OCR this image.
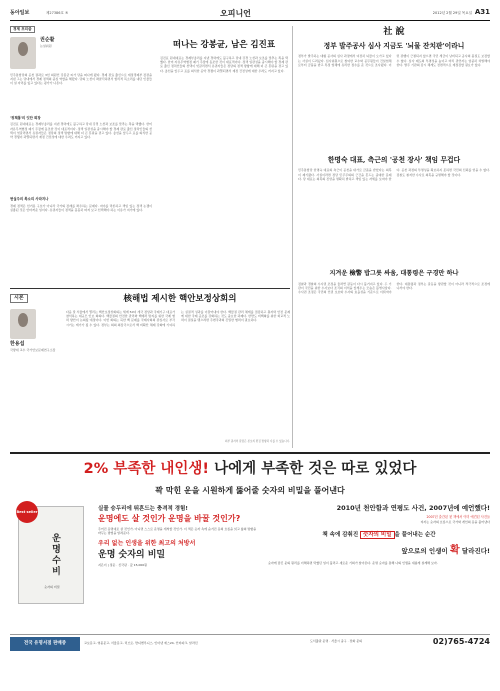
동아일보	제27386호 ⑤	오피니언	2012년 2월 29일 목요일 A31
경제 프리즘
권순활
논설위원
민주통합당의 공천 결과로 3선 의원인 강봉균 씨가 당을 떠나게 됐다. 경제 관료 출신으로 재정경제부 장관을 지낸 그는 당내에서 경제 정책의 중심 역할을 해왔다. 당의 노선이 좌클릭하면서 합리적 목소리를 내던 인물들이 설 자리를 잃고 있다는 평가가 나온다.
'정책통'의 잇단 퇴장
김진표 원내대표는 경제부총리를 지낸 경력에도 불구하고 당내 강경 노선과 보조를 맞추는 쪽을 택했다. 한미 자유무역협정 폐기 주장에 동조한 것이 대표적이다. 정책 일관성을 중시해야 할 경제 관료 출신 정치인들의 선택이 엇갈리면서 유권자들은 정당의 정책 방향에 대해 더 큰 혼란을 겪고 있다. 총선을 앞두고 표를 의식한 공약 경쟁이 과열되면서 재정 건전성에 대한 우려도 커지고 있다.
현실주의 목소리 사라지나
경제 정책은 선거용 구호가 아니라 국가의 장래를 좌우하는 문제다. 여야를 막론하고 책임 있는 정책 논쟁이 실종된 것은 안타까운 일이다. 유권자들이 정책을 꼼꼼히 따져 보고 선택해야 하는 이유가 여기에 있다.
떠나는 강봉균, 남은 김진표
김진표 원내대표는 경제부총리를 지낸 경력에도 불구하고 당내 강경 노선과 보조를 맞추는 쪽을 택했다. 한미 자유무역협정 폐기 주장에 동조한 것이 대표적이다. 정책 일관성을 중시해야 할 경제 관료 출신 정치인들의 선택이 엇갈리면서 유권자들은 정당의 정책 방향에 대해 더 큰 혼란을 겪고 있다. 총선을 앞두고 표를 의식한 공약 경쟁이 과열되면서 재정 건전성에 대한 우려도 커지고 있다.
시론
한용섭
국방대 교수 국가안보문제연구소장
核해법 제시한 핵안보정상회의
다음 달 서울에서 열리는 핵안보정상회의는 세계 50여 개국 정상과 국제기구 대표가 참석하는 대규모 안보 회의다. 핵물질의 안전한 관리와 핵테러 방지를 위한 국제 협력 방안이 논의될 예정이다. 이번 회의는 북한 핵 문제를 국제사회의 관심사로 부각시키는 계기가 될 수 있다. 정부는 회의 의장국으로서 핵 비확산 체제 강화에 기여하는 실질적 성과를 이끌어내야 한다. 핵물질 관리 체계를 점검하고 원자력 안전 문제에 대한 국제 공조를 강화하는 것도 중요한 과제다. 한반도 비핵화를 위한 외교적 노력이 결실을 맺으려면 주변국과의 긴밀한 협력이 필요하다.
외부 필자의 칼럼은 본보의 편집 방향과 다를 수 있습니다.
社 說
정부 발주공사 심사 지금도 '뇌물 잔치판'이라니
정부가 발주하는 대형 공사의 심사 과정에서 여전히 뇌물이 오가고 있다는 사실이 드러났다. 심사위원으로 참여한 교수와 공무원들이 건설업체로부터 금품을 받고 특정 업체에 유리한 점수를 준 것으로 조사됐다. 이런 관행이 근절되지 않으면 국민 세금이 낭비되고 공사의 품질도 보장할 수 없다. 심사 제도의 투명성을 높이고 비리 관련자는 엄중히 처벌해야 한다. 발주 기관의 감시 체계도 전면적으로 재점검할 필요가 있다.
한명숙 대표, 측근의 '공천 장사' 책임 무겁다
민주통합당 한명숙 대표의 측근이 공천을 대가로 금품을 받았다는 의혹이 제기됐다. 사실이라면 정당 민주주의의 근간을 흔드는 중대한 문제다. 당 대표는 의혹의 진상을 명확히 밝히고 책임 있는 자세를 보여야 한다. 공천 과정의 투명성을 확보하지 못하면 국민의 신뢰를 얻을 수 없다. 검찰도 철저한 수사로 의혹을 규명해야 할 것이다.
지겨운 檢警 밥그릇 싸움, 대통령은 구경만 하나
검찰과 경찰의 수사권 조정을 둘러싼 갈등이 다시 불거지고 있다. 두 기관이 국민을 위한 수사보다 조직의 이익을 앞세우는 모습은 볼썽사납다. 수사권 조정은 국민의 인권 보호와 수사의 효율성을 기준으로 이뤄져야 한다. 대통령과 정부는 갈등을 방관할 것이 아니라 적극적으로 조정에 나서야 한다.
2% 부족한 내인생! 나에게 부족한 것은 따로 있었다
꽉 막힌 운을 시원하게 뚫어줄 숫자의 비밀을 풀어낸다
Best seller
운명수비
숫자의 비밀
실물 승두리에 뛰흔드는 충격적 경험!
운명에도 살 것인가 운명을 바꿀 것인가?
주어진 운명대로 살 것인가, 아니면 스스로 운명을 개척할 것인가. 이 책은 숫자 속에 숨겨진 운의 흐름을 읽고 삶의 방향을 바꾸는 방법을 알려준다.
우리 없는 인생을 위한 최고의 처방서
운명 숫자의 비밀
지은이 | 정운 · 신국판 · 값 15,000원
2010년 천안함과 연평도 사건, 2007년에 예언했다!
2007년 출간된 첫 책에서 이미 예견된 사건들
저자는 숫자의 흐름으로 국가와 개인의 운을 풀어낸다
책 속에 감춰진 숫자의 비밀 을 풀어내는 순간
앞으로의 인생이 확 달라진다!
숫자에 담긴 운의 원리를 이해하면 막혔던 일이 풀리고 새로운 기회가 찾아온다. 운명 숫자를 통해 나의 인생을 새롭게 설계해 보자.
전국 유명서점 판매중	교보문고, 영풍문고, 서울문고, 리브로, 반디앤루니스, 인터넷 예스24, 인터파크, 알라딘	도서출판 운명 · 서울시 중구 · 전화 문의	02)765-4724
